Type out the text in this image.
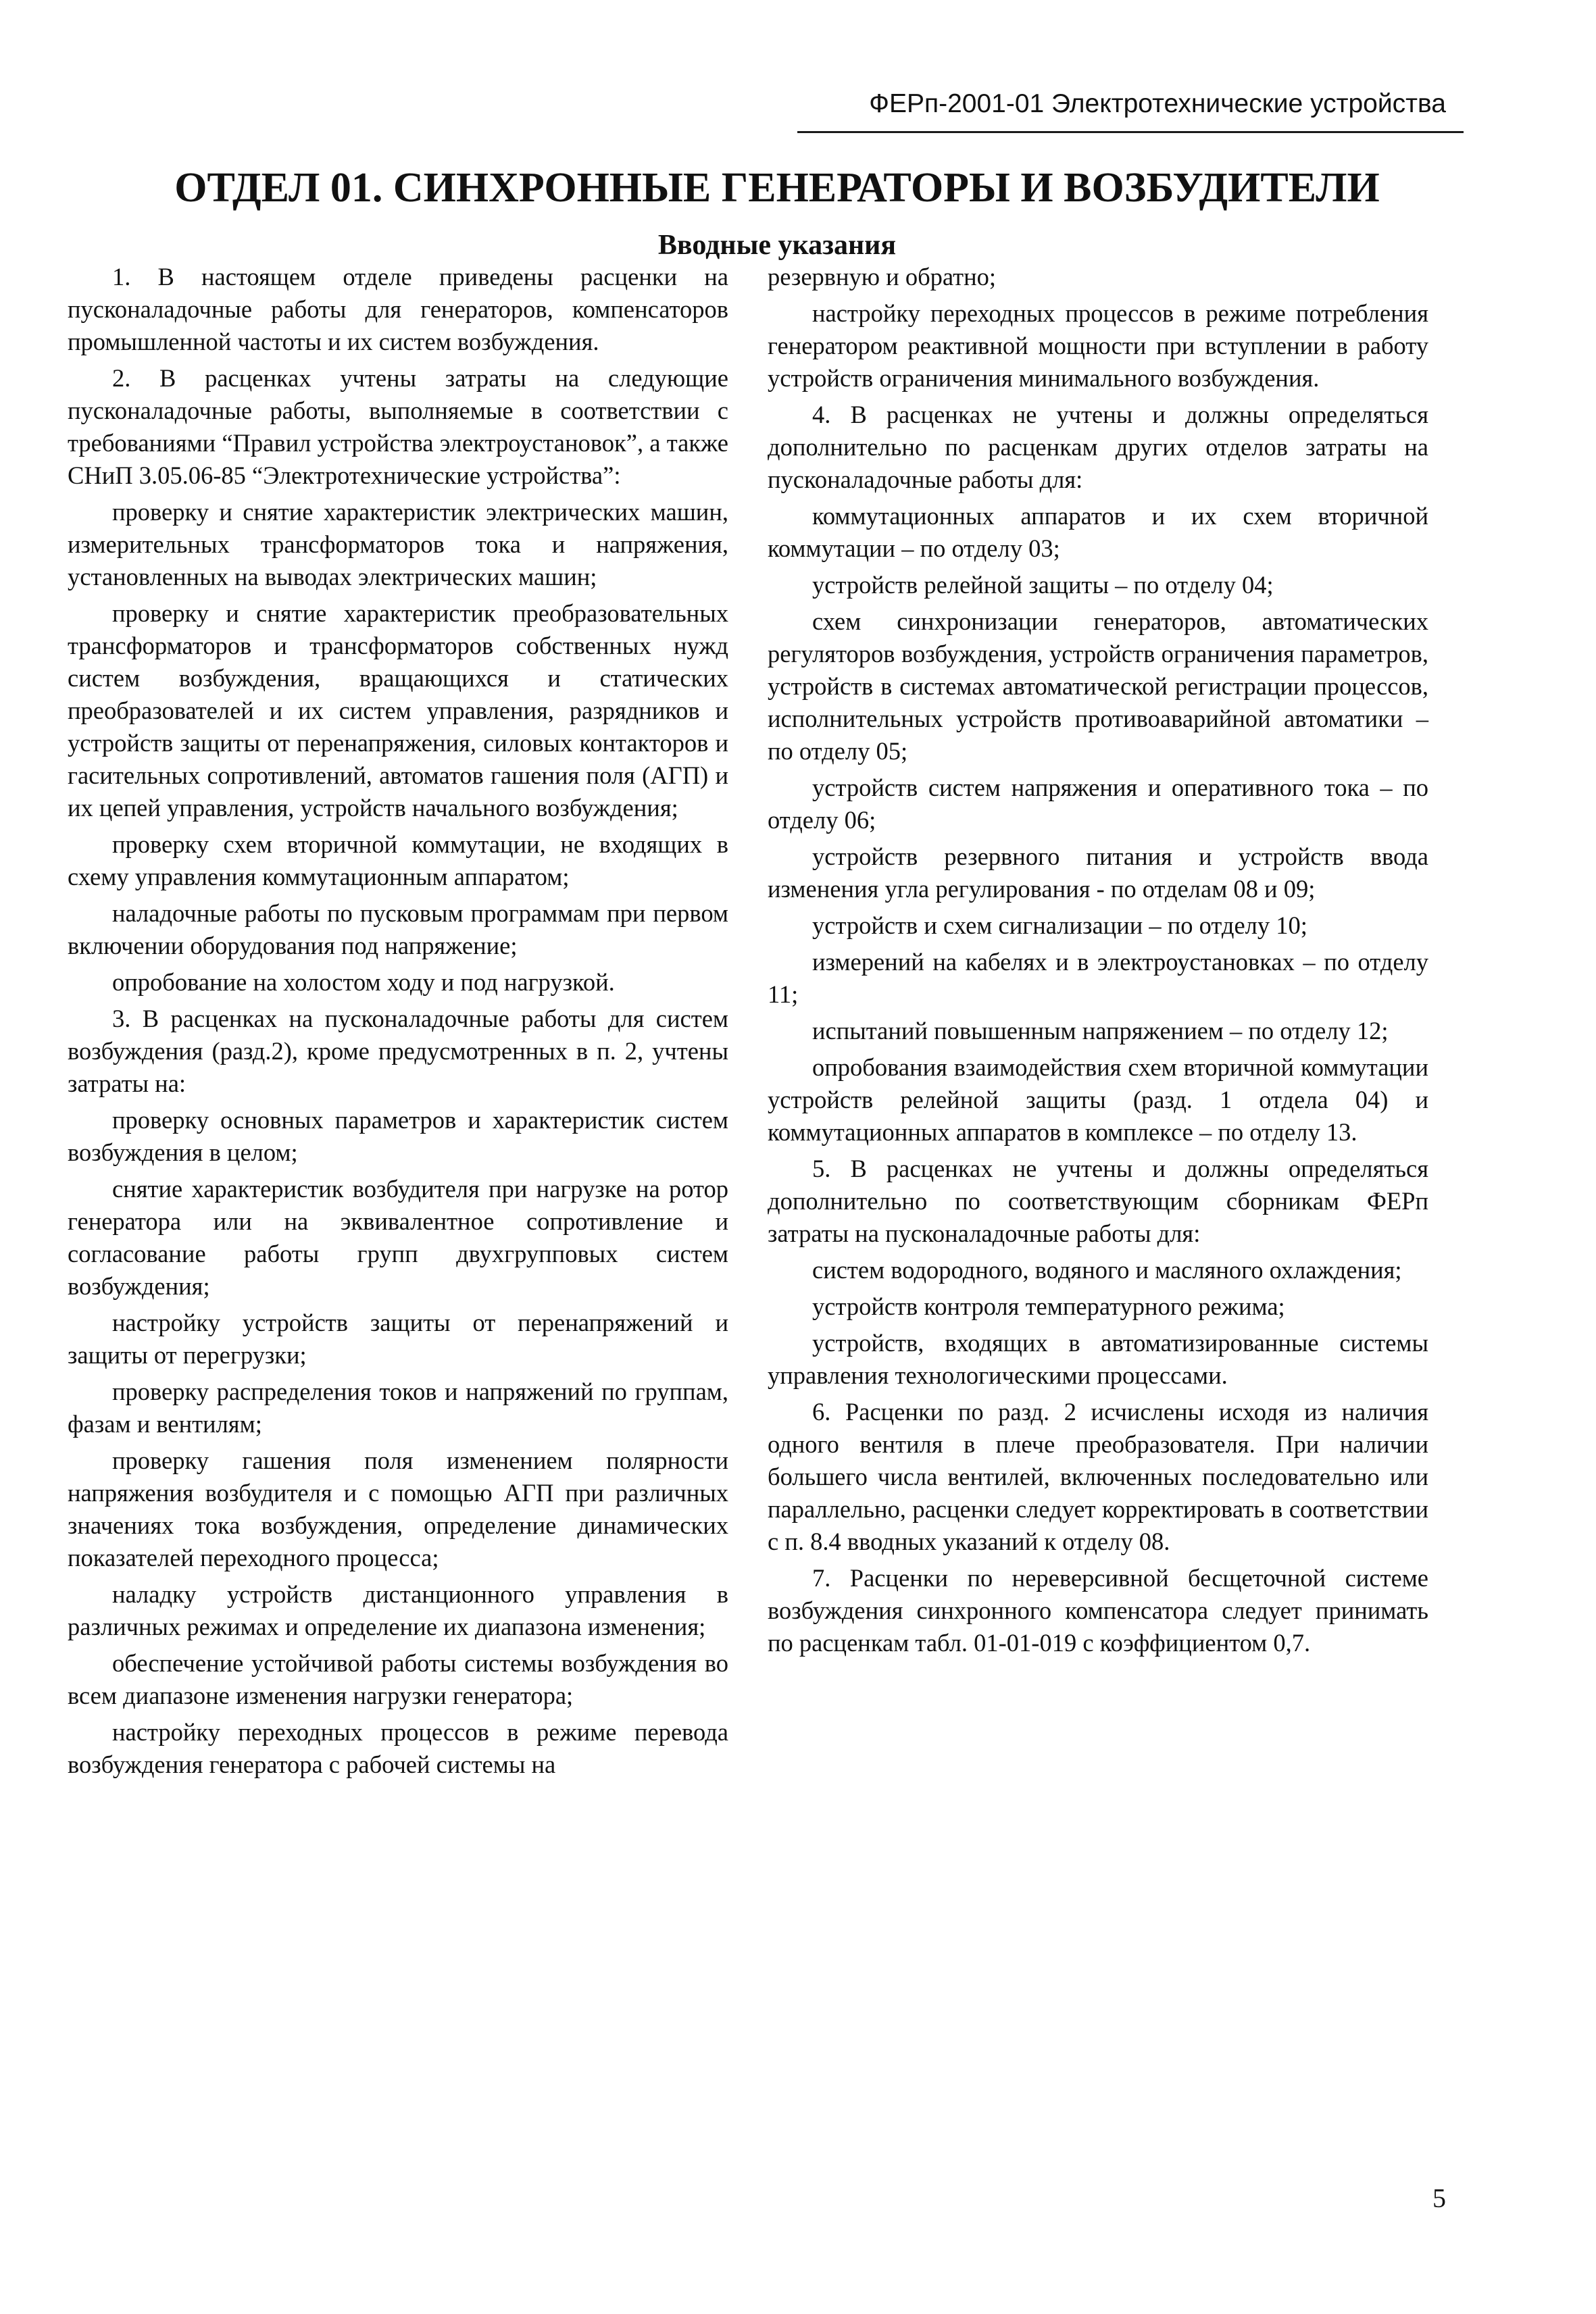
ФЕРп-2001-01 Электротехнические устройства
ОТДЕЛ 01. СИНХРОННЫЕ ГЕНЕРАТОРЫ И ВОЗБУДИТЕЛИ
Вводные указания

1. В настоящем отделе приведены расценки на пусконаладочные работы для генераторов, компенсаторов промышленной частоты и их систем возбуждения.

2. В расценках учтены затраты на следующие пусконаладочные работы, выполняемые в соответствии с требованиями “Правил устройства электроустановок”, а также СНиП 3.05.06-85 “Электротехнические устройства”:

проверку и снятие характеристик электрических машин, измерительных трансформаторов тока и напряжения, установленных на выводах электрических машин;

проверку и снятие характеристик преобразовательных трансформаторов и трансформаторов собственных нужд систем возбуждения, вращающихся и статических преобразователей и их систем управления, разрядников и устройств защиты от перенапряжения, силовых контакторов и гасительных сопротивлений, автоматов гашения поля (АГП) и их цепей управления, устройств начального возбуждения;

проверку схем вторичной коммутации, не входящих в схему управления коммутационным аппаратом;

наладочные работы по пусковым программам при первом включении оборудования под напряжение;

опробование на холостом ходу и под нагрузкой.

3. В расценках на пусконаладочные работы для систем возбуждения (разд.2), кроме предусмотренных в п. 2, учтены затраты на:

проверку основных параметров и характеристик систем возбуждения в целом;

снятие характеристик возбудителя при нагрузке на ротор генератора или на эквивалентное сопротивление и согласование работы групп двухгрупповых систем возбуждения;

настройку устройств защиты от перенапряжений и защиты от перегрузки;

проверку распределения токов и напряжений по группам, фазам и вентилям;

проверку гашения поля изменением полярности напряжения возбудителя и с помощью АГП при различных значениях тока возбуждения, определение динамических показателей переходного процесса;

наладку устройств дистанционного управления в различных режимах и определение их диапазона изменения;

обеспечение устойчивой работы системы возбуждения во всем диапазоне изменения нагрузки генератора;

настройку переходных процессов в режиме перевода возбуждения генератора с рабочей системы на

резервную и обратно;

настройку переходных процессов в режиме потребления генератором реактивной мощности при вступлении в работу устройств ограничения минимального возбуждения.

4. В расценках не учтены и должны определяться дополнительно по расценкам других отделов затраты на пусконаладочные работы для:

коммутационных аппаратов и их схем вторичной коммутации – по отделу 03;

устройств релейной защиты – по отделу 04;

схем синхронизации генераторов, автоматических регуляторов возбуждения, устройств ограничения параметров, устройств в системах автоматической регистрации процессов, исполнительных устройств противоаварийной автоматики – по отделу 05;

устройств систем напряжения и оперативного тока – по отделу 06;

устройств резервного питания и устройств ввода изменения угла регулирования - по отделам 08 и 09;

устройств и схем сигнализации – по отделу 10;

измерений на кабелях и в электроустановках – по отделу 11;

испытаний повышенным напряжением – по отделу 12;

опробования взаимодействия схем вторичной коммутации устройств релейной защиты (разд. 1 отдела 04) и коммутационных аппаратов в комплексе – по отделу 13.

5. В расценках не учтены и должны определяться дополнительно по соответствующим сборникам ФЕРп затраты на пусконаладочные работы для:

систем водородного, водяного и масляного охлаждения;

устройств контроля температурного режима;

устройств, входящих в автоматизированные системы управления технологическими процессами.

6. Расценки по разд. 2 исчислены исходя из наличия одного вентиля в плече преобразователя. При наличии большего числа вентилей, включенных последовательно или параллельно, расценки следует корректировать в соответствии с п. 8.4 вводных указаний к отделу 08.

7. Расценки по нереверсивной бесщеточной системе возбуждения синхронного компенсатора следует принимать по расценкам табл. 01-01-019 с коэффициентом 0,7.

5
